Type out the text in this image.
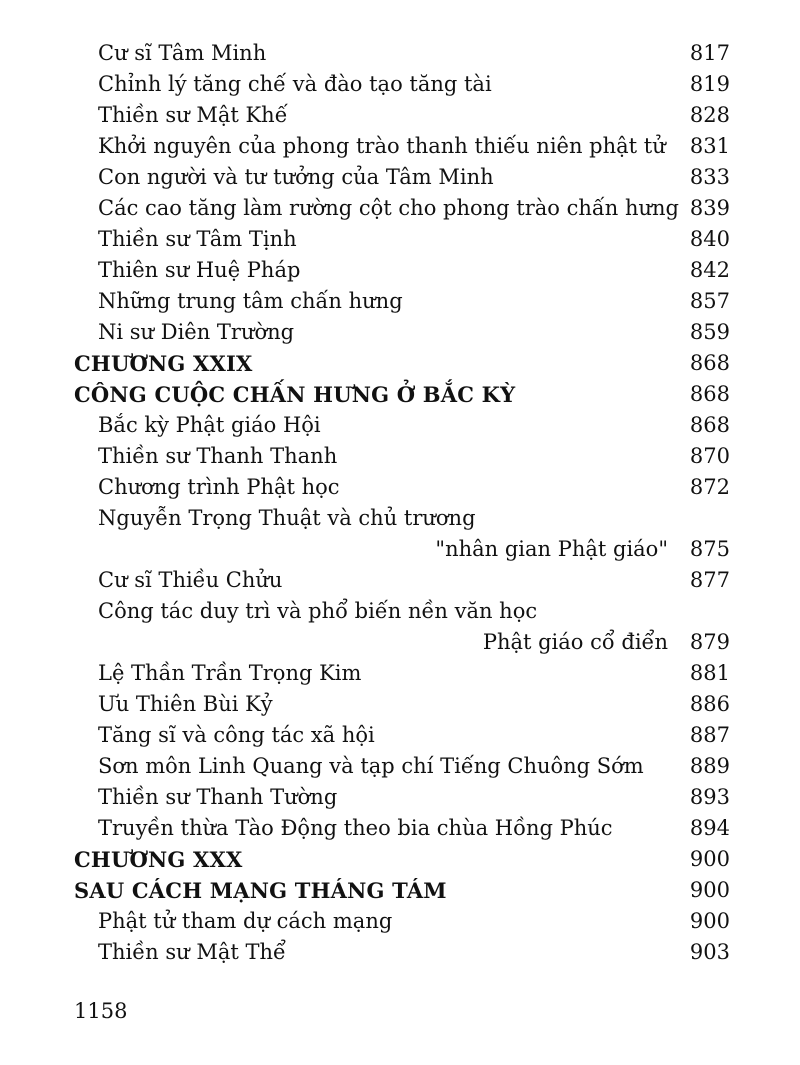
Cư sĩ Tâm Minh	817
Chỉnh lý tăng chế và đào tạo tăng tài	819
Thiền sư Mật Khế	828
Khởi nguyên của phong trào thanh thiếu niên phật tử 831
Con người và tư tưởng của Tâm Minh	833
Các cao tăng làm rường cột cho phong trào chấn hưng 839
Thiền sư Tâm Tịnh	840
Thiên sư Huệ Pháp	842
Những trung tâm chấn hưng	857
Ni sư Diên Trường	859
CHƯƠNG XXIX	868
CÔNG CUỘC CHẤN HƯNG Ở BẮC KỲ	868
Bắc kỳ Phật giáo Hội	868
Thiền sư Thanh Thanh	870
Chương trình Phật học	872
Nguyễn Trọng Thuật và chủ trương
"nhân gian Phật giáo" 875
Cư sĩ Thiều Chửu	877
Công tác duy trì và phổ biến nền văn học
Phật giáo cổ điển 879
Lệ Thần Trần Trọng Kim	881
Ưu Thiên Bùi Kỷ	886
Tăng sĩ và công tác xã hội	887
Sơn môn Linh Quang và tạp chí Tiếng Chuông Sớm 889
Thiền sư Thanh Tường	893
Truyền thừa Tào Động theo bia chùa Hồng Phúc	894
CHƯƠNG XXX	900
SAU CÁCH MẠNG THÁNG TÁM	900
Phật tử tham dự cách mạng	900
Thiền sư Mật Thể	903
1158
